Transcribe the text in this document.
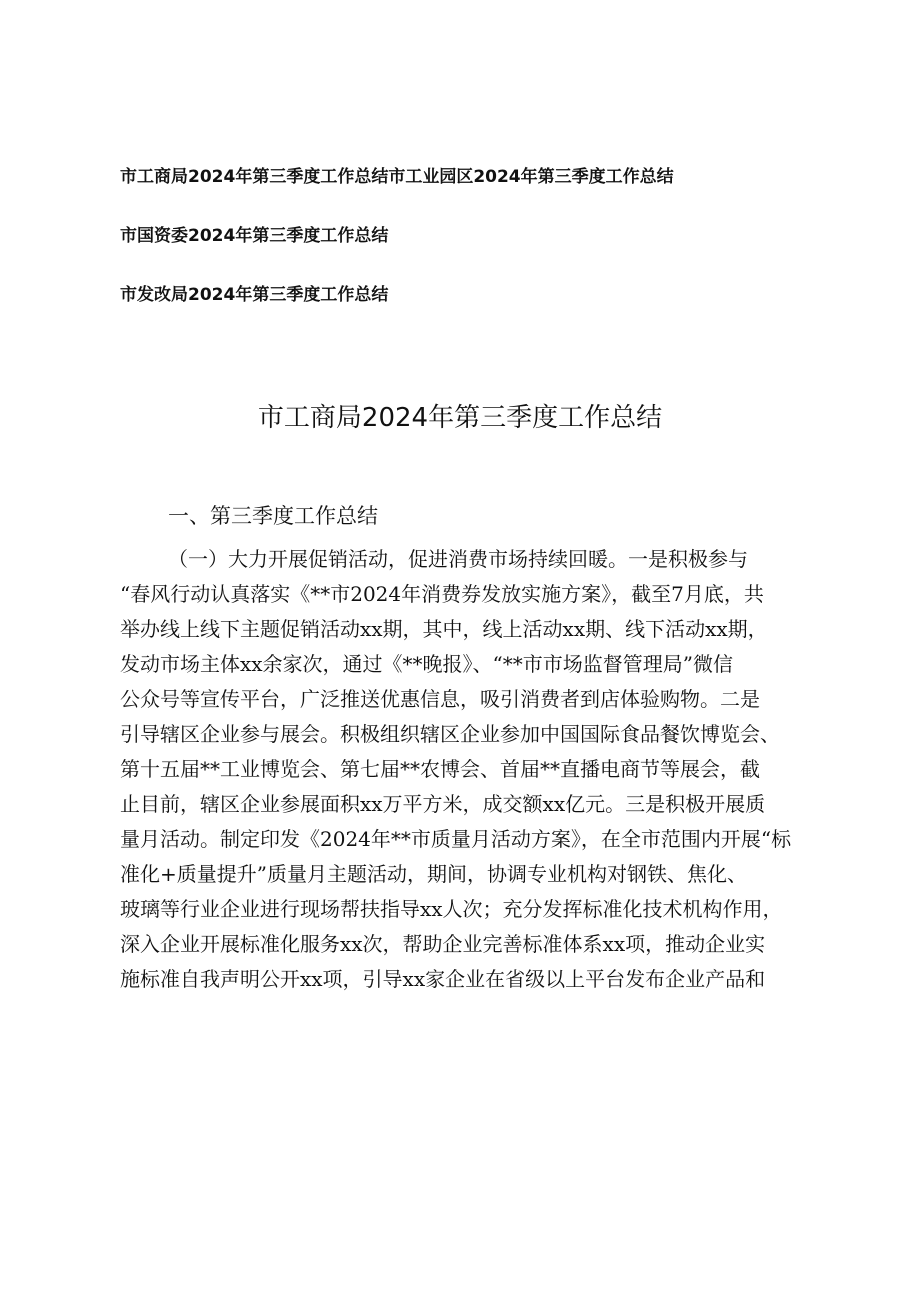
市工商局2024年第三季度工作总结市工业园区2024年第三季度工作总结
市国资委2024年第三季度工作总结
市发改局2024年第三季度工作总结
市工商局2024年第三季度工作总结
一、第三季度工作总结
（一）大力开展促销活动，促进消费市场持续回暖。一是积极参与
“春风行动认真落实《**市2024年消费券发放实施方案》，截至7月底，共
举办线上线下主题促销活动xx期，其中，线上活动xx期、线下活动xx期，
发动市场主体xx余家次，通过《**晚报》、“**市市场监督管理局”微信
公众号等宣传平台，广泛推送优惠信息，吸引消费者到店体验购物。二是
引导辖区企业参与展会。积极组织辖区企业参加中国国际食品餐饮博览会、
第十五届**工业博览会、第七届**农博会、首届**直播电商节等展会，截
止目前，辖区企业参展面积xx万平方米，成交额xx亿元。三是积极开展质
量月活动。制定印发《2024年**市质量月活动方案》，在全市范围内开展“标
准化+质量提升”质量月主题活动，期间，协调专业机构对钢铁、焦化、
玻璃等行业企业进行现场帮扶指导xx人次；充分发挥标准化技术机构作用，
深入企业开展标准化服务xx次，帮助企业完善标准体系xx项，推动企业实
施标准自我声明公开xx项，引导xx家企业在省级以上平台发布企业产品和
